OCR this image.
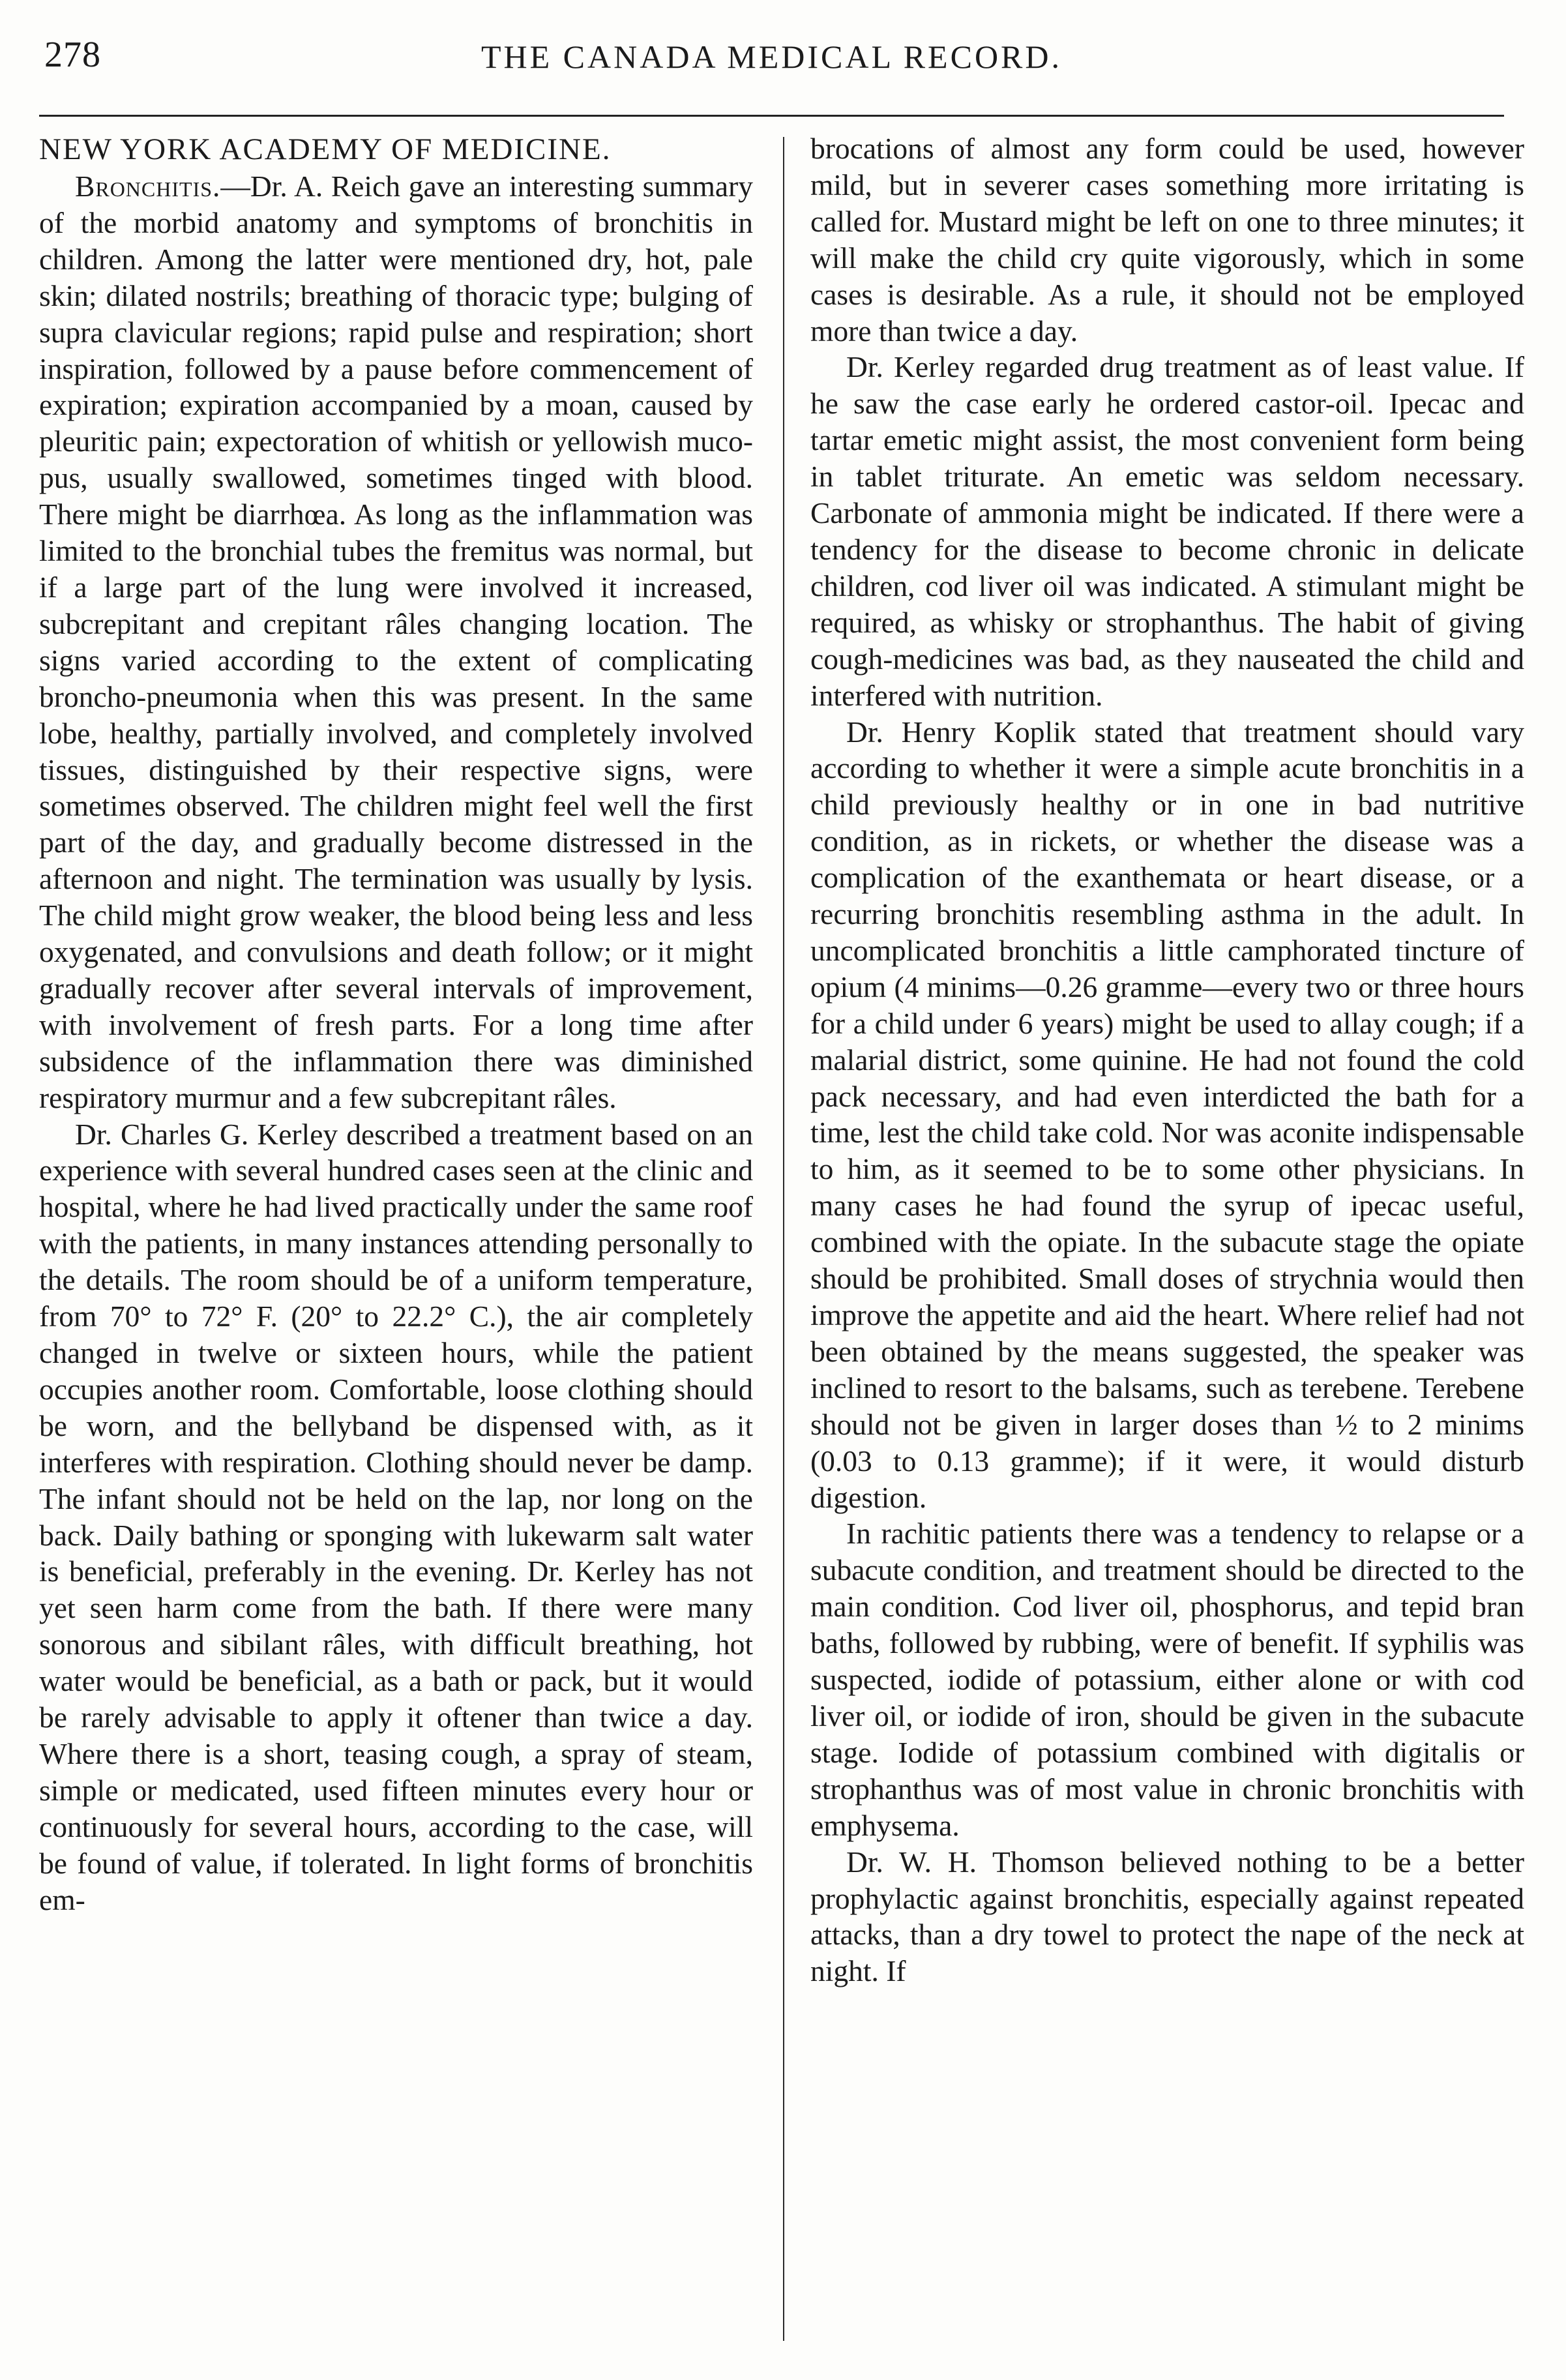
278	THE CANADA MEDICAL RECORD.
NEW YORK ACADEMY OF MEDICINE.

Bronchitis.—Dr. A. Reich gave an interesting summary of the morbid anatomy and symptoms of bronchitis in children. Among the latter were mentioned dry, hot, pale skin; dilated nostrils; breathing of thoracic type; bulging of supra clavicular regions; rapid pulse and respiration; short inspiration, followed by a pause before commencement of expiration; expiration accompanied by a moan, caused by pleuritic pain; expectoration of whitish or yellowish muco-pus, usually swallowed, sometimes tinged with blood. There might be diarrhœa. As long as the inflammation was limited to the bronchial tubes the fremitus was normal, but if a large part of the lung were involved it increased, subcrepitant and crepitant râles changing location. The signs varied according to the extent of complicating broncho-pneumonia when this was present. In the same lobe, healthy, partially involved, and completely involved tissues, distinguished by their respective signs, were sometimes observed. The children might feel well the first part of the day, and gradually become distressed in the afternoon and night. The termination was usually by lysis. The child might grow weaker, the blood being less and less oxygenated, and convulsions and death follow; or it might gradually recover after several intervals of improvement, with involvement of fresh parts. For a long time after subsidence of the inflammation there was diminished respiratory murmur and a few subcrepitant râles.

Dr. Charles G. Kerley described a treatment based on an experience with several hundred cases seen at the clinic and hospital, where he had lived practically under the same roof with the patients, in many instances attending personally to the details. The room should be of a uniform temperature, from 70° to 72° F. (20° to 22.2° C.), the air completely changed in twelve or sixteen hours, while the patient occupies another room. Comfortable, loose clothing should be worn, and the bellyband be dispensed with, as it interferes with respiration. Clothing should never be damp. The infant should not be held on the lap, nor long on the back. Daily bathing or sponging with lukewarm salt water is beneficial, preferably in the evening. Dr. Kerley has not yet seen harm come from the bath. If there were many sonorous and sibilant râles, with difficult breathing, hot water would be beneficial, as a bath or pack, but it would be rarely advisable to apply it oftener than twice a day. Where there is a short, teasing cough, a spray of steam, simple or medicated, used fifteen minutes every hour or continuously for several hours, according to the case, will be found of value, if tolerated. In light forms of bronchitis em-

brocations of almost any form could be used, however mild, but in severer cases something more irritating is called for. Mustard might be left on one to three minutes; it will make the child cry quite vigorously, which in some cases is desirable. As a rule, it should not be employed more than twice a day.

Dr. Kerley regarded drug treatment as of least value. If he saw the case early he ordered castor-oil. Ipecac and tartar emetic might assist, the most convenient form being in tablet triturate. An emetic was seldom necessary. Carbonate of ammonia might be indicated. If there were a tendency for the disease to become chronic in delicate children, cod liver oil was indicated. A stimulant might be required, as whisky or strophanthus. The habit of giving cough-medicines was bad, as they nauseated the child and interfered with nutrition.

Dr. Henry Koplik stated that treatment should vary according to whether it were a simple acute bronchitis in a child previously healthy or in one in bad nutritive condition, as in rickets, or whether the disease was a complication of the exanthemata or heart disease, or a recurring bronchitis resembling asthma in the adult. In uncomplicated bronchitis a little camphorated tincture of opium (4 minims—0.26 gramme—every two or three hours for a child under 6 years) might be used to allay cough; if a malarial district, some quinine. He had not found the cold pack necessary, and had even interdicted the bath for a time, lest the child take cold. Nor was aconite indispensable to him, as it seemed to be to some other physicians. In many cases he had found the syrup of ipecac useful, combined with the opiate. In the subacute stage the opiate should be prohibited. Small doses of strychnia would then improve the appetite and aid the heart. Where relief had not been obtained by the means suggested, the speaker was inclined to resort to the balsams, such as terebene. Terebene should not be given in larger doses than ½ to 2 minims (0.03 to 0.13 gramme); if it were, it would disturb digestion.

In rachitic patients there was a tendency to relapse or a subacute condition, and treatment should be directed to the main condition. Cod liver oil, phosphorus, and tepid bran baths, followed by rubbing, were of benefit. If syphilis was suspected, iodide of potassium, either alone or with cod liver oil, or iodide of iron, should be given in the subacute stage. Iodide of potassium combined with digitalis or strophanthus was of most value in chronic bronchitis with emphysema.

Dr. W. H. Thomson believed nothing to be a better prophylactic against bronchitis, especially against repeated attacks, than a dry towel to protect the nape of the neck at night. If
